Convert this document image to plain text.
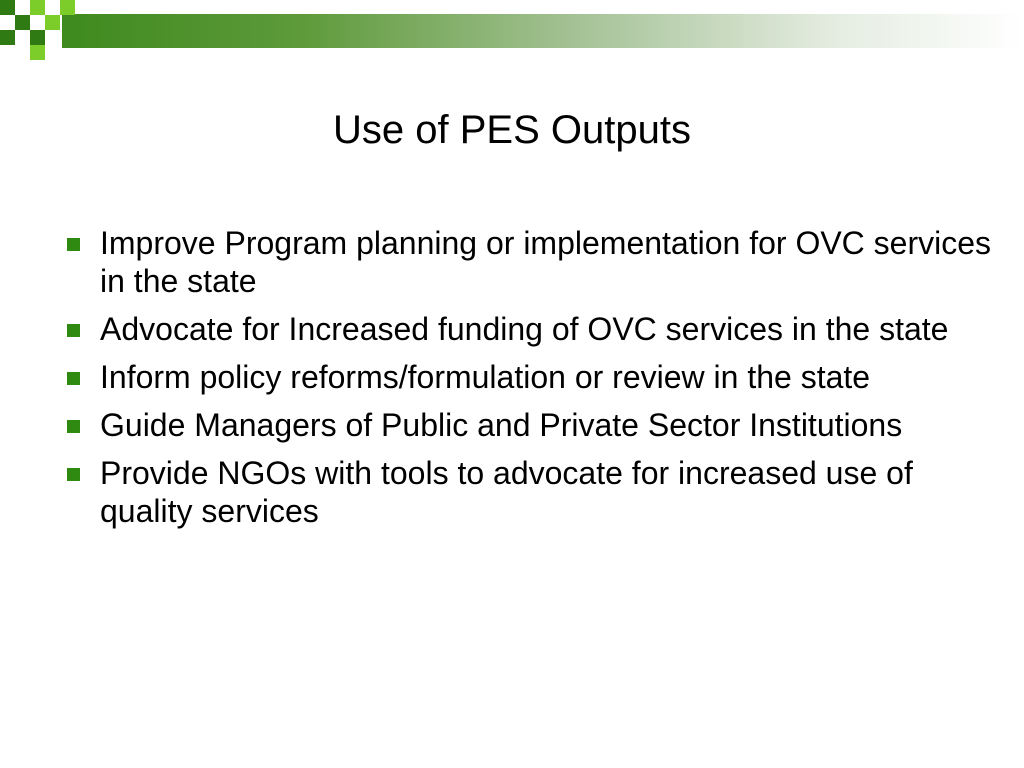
Use of PES Outputs
Improve Program planning or implementation for OVC services in the state
Advocate for Increased funding of OVC services in the state
Inform policy reforms/formulation or review in the state
Guide Managers of Public and Private Sector Institutions
Provide NGOs with tools to advocate for increased use of quality services
